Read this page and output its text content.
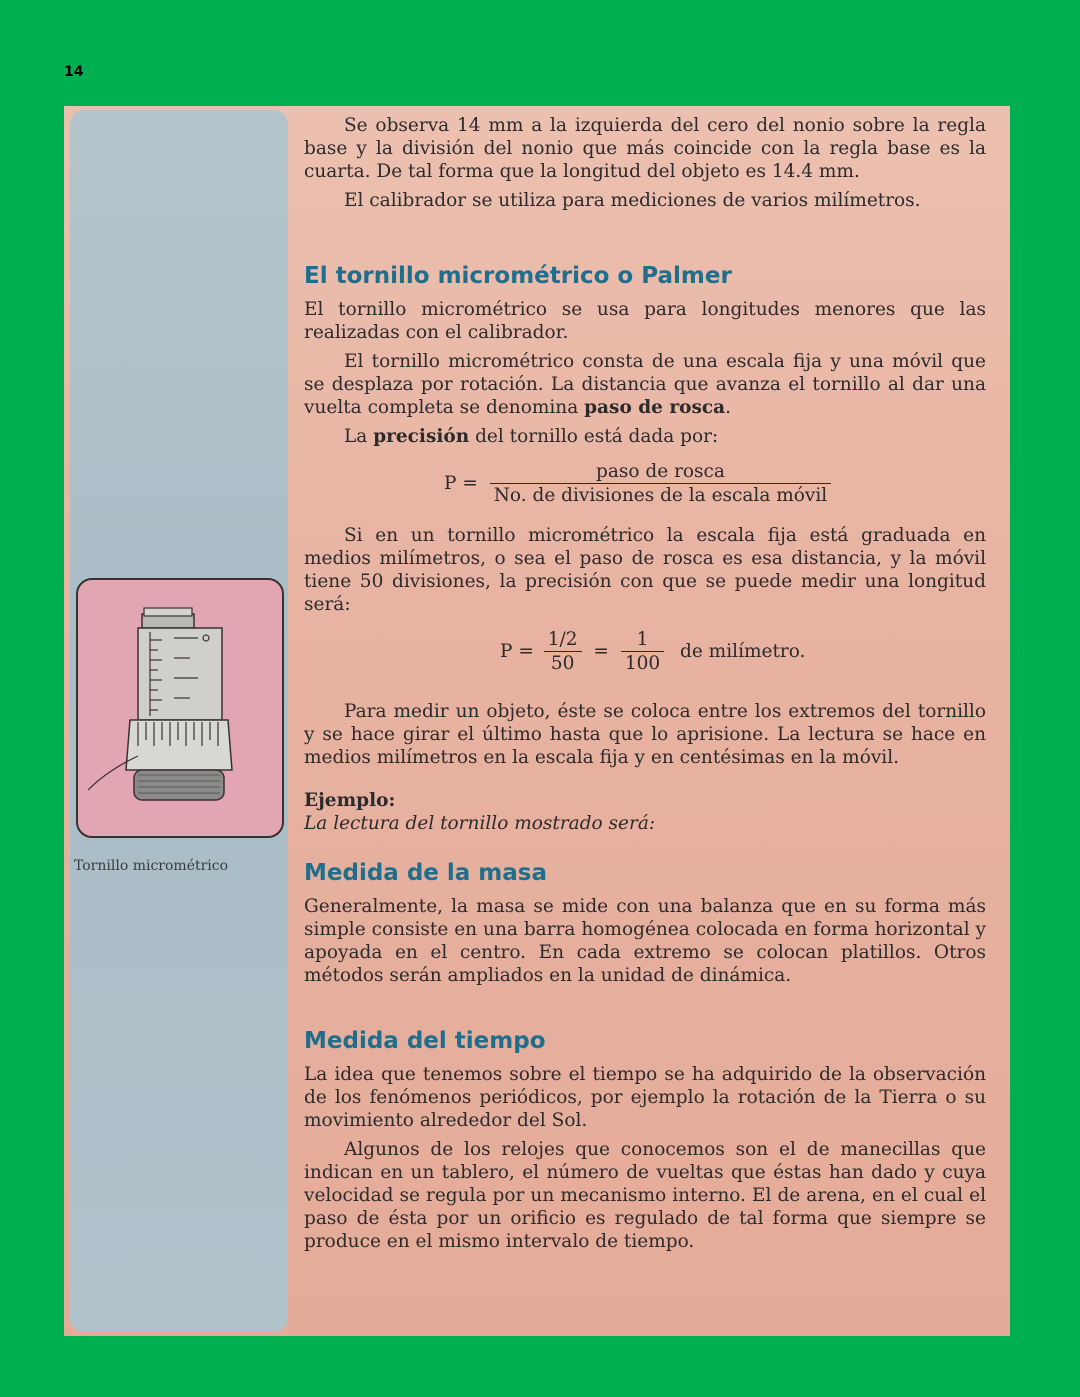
14
Tornillo micrométrico

Se observa 14 mm a la izquierda del cero del nonio sobre la regla base y la división del nonio que más coincide con la regla base es la cuarta. De tal forma que la longitud del objeto es 14.4 mm.

El calibrador se utiliza para mediciones de varios milímetros.

El tornillo micrométrico o Palmer

El tornillo micrométrico se usa para longitudes menores que las realizadas con el calibrador.

El tornillo micrométrico consta de una escala fija y una móvil que se desplaza por rotación. La distancia que avanza el tornillo al dar una vuelta completa se denomina paso de rosca.

La precisión del tornillo está dada por:

$P = \frac{\text{paso de rosca}}{\text{No. de divisiones de la escala móvil}}$

Si en un tornillo micrométrico la escala fija está graduada en medios milímetros, o sea el paso de rosca es esa distancia, y la móvil tiene 50 divisiones, la precisión con que se puede medir una longitud será:

$P = \frac{1/2}{50} = \frac{1}{100}$ de milímetro.

Para medir un objeto, éste se coloca entre los extremos del tornillo y se hace girar el último hasta que lo aprisione. La lectura se hace en medios milímetros en la escala fija y en centésimas en la móvil.

Ejemplo:

La lectura del tornillo mostrado será:

Medida de la masa

Generalmente, la masa se mide con una balanza que en su forma más simple consiste en una barra homogénea colocada en forma horizontal y apoyada en el centro. En cada extremo se colocan platillos. Otros métodos serán ampliados en la unidad de dinámica.

Medida del tiempo

La idea que tenemos sobre el tiempo se ha adquirido de la observación de los fenómenos periódicos, por ejemplo la rotación de la Tierra o su movimiento alrededor del Sol.

Algunos de los relojes que conocemos son el de manecillas que indican en un tablero, el número de vueltas que éstas han dado y cuya velocidad se regula por un mecanismo interno. El de arena, en el cual el paso de ésta por un orificio es regulado de tal forma que siempre se produce en el mismo intervalo de tiempo.
